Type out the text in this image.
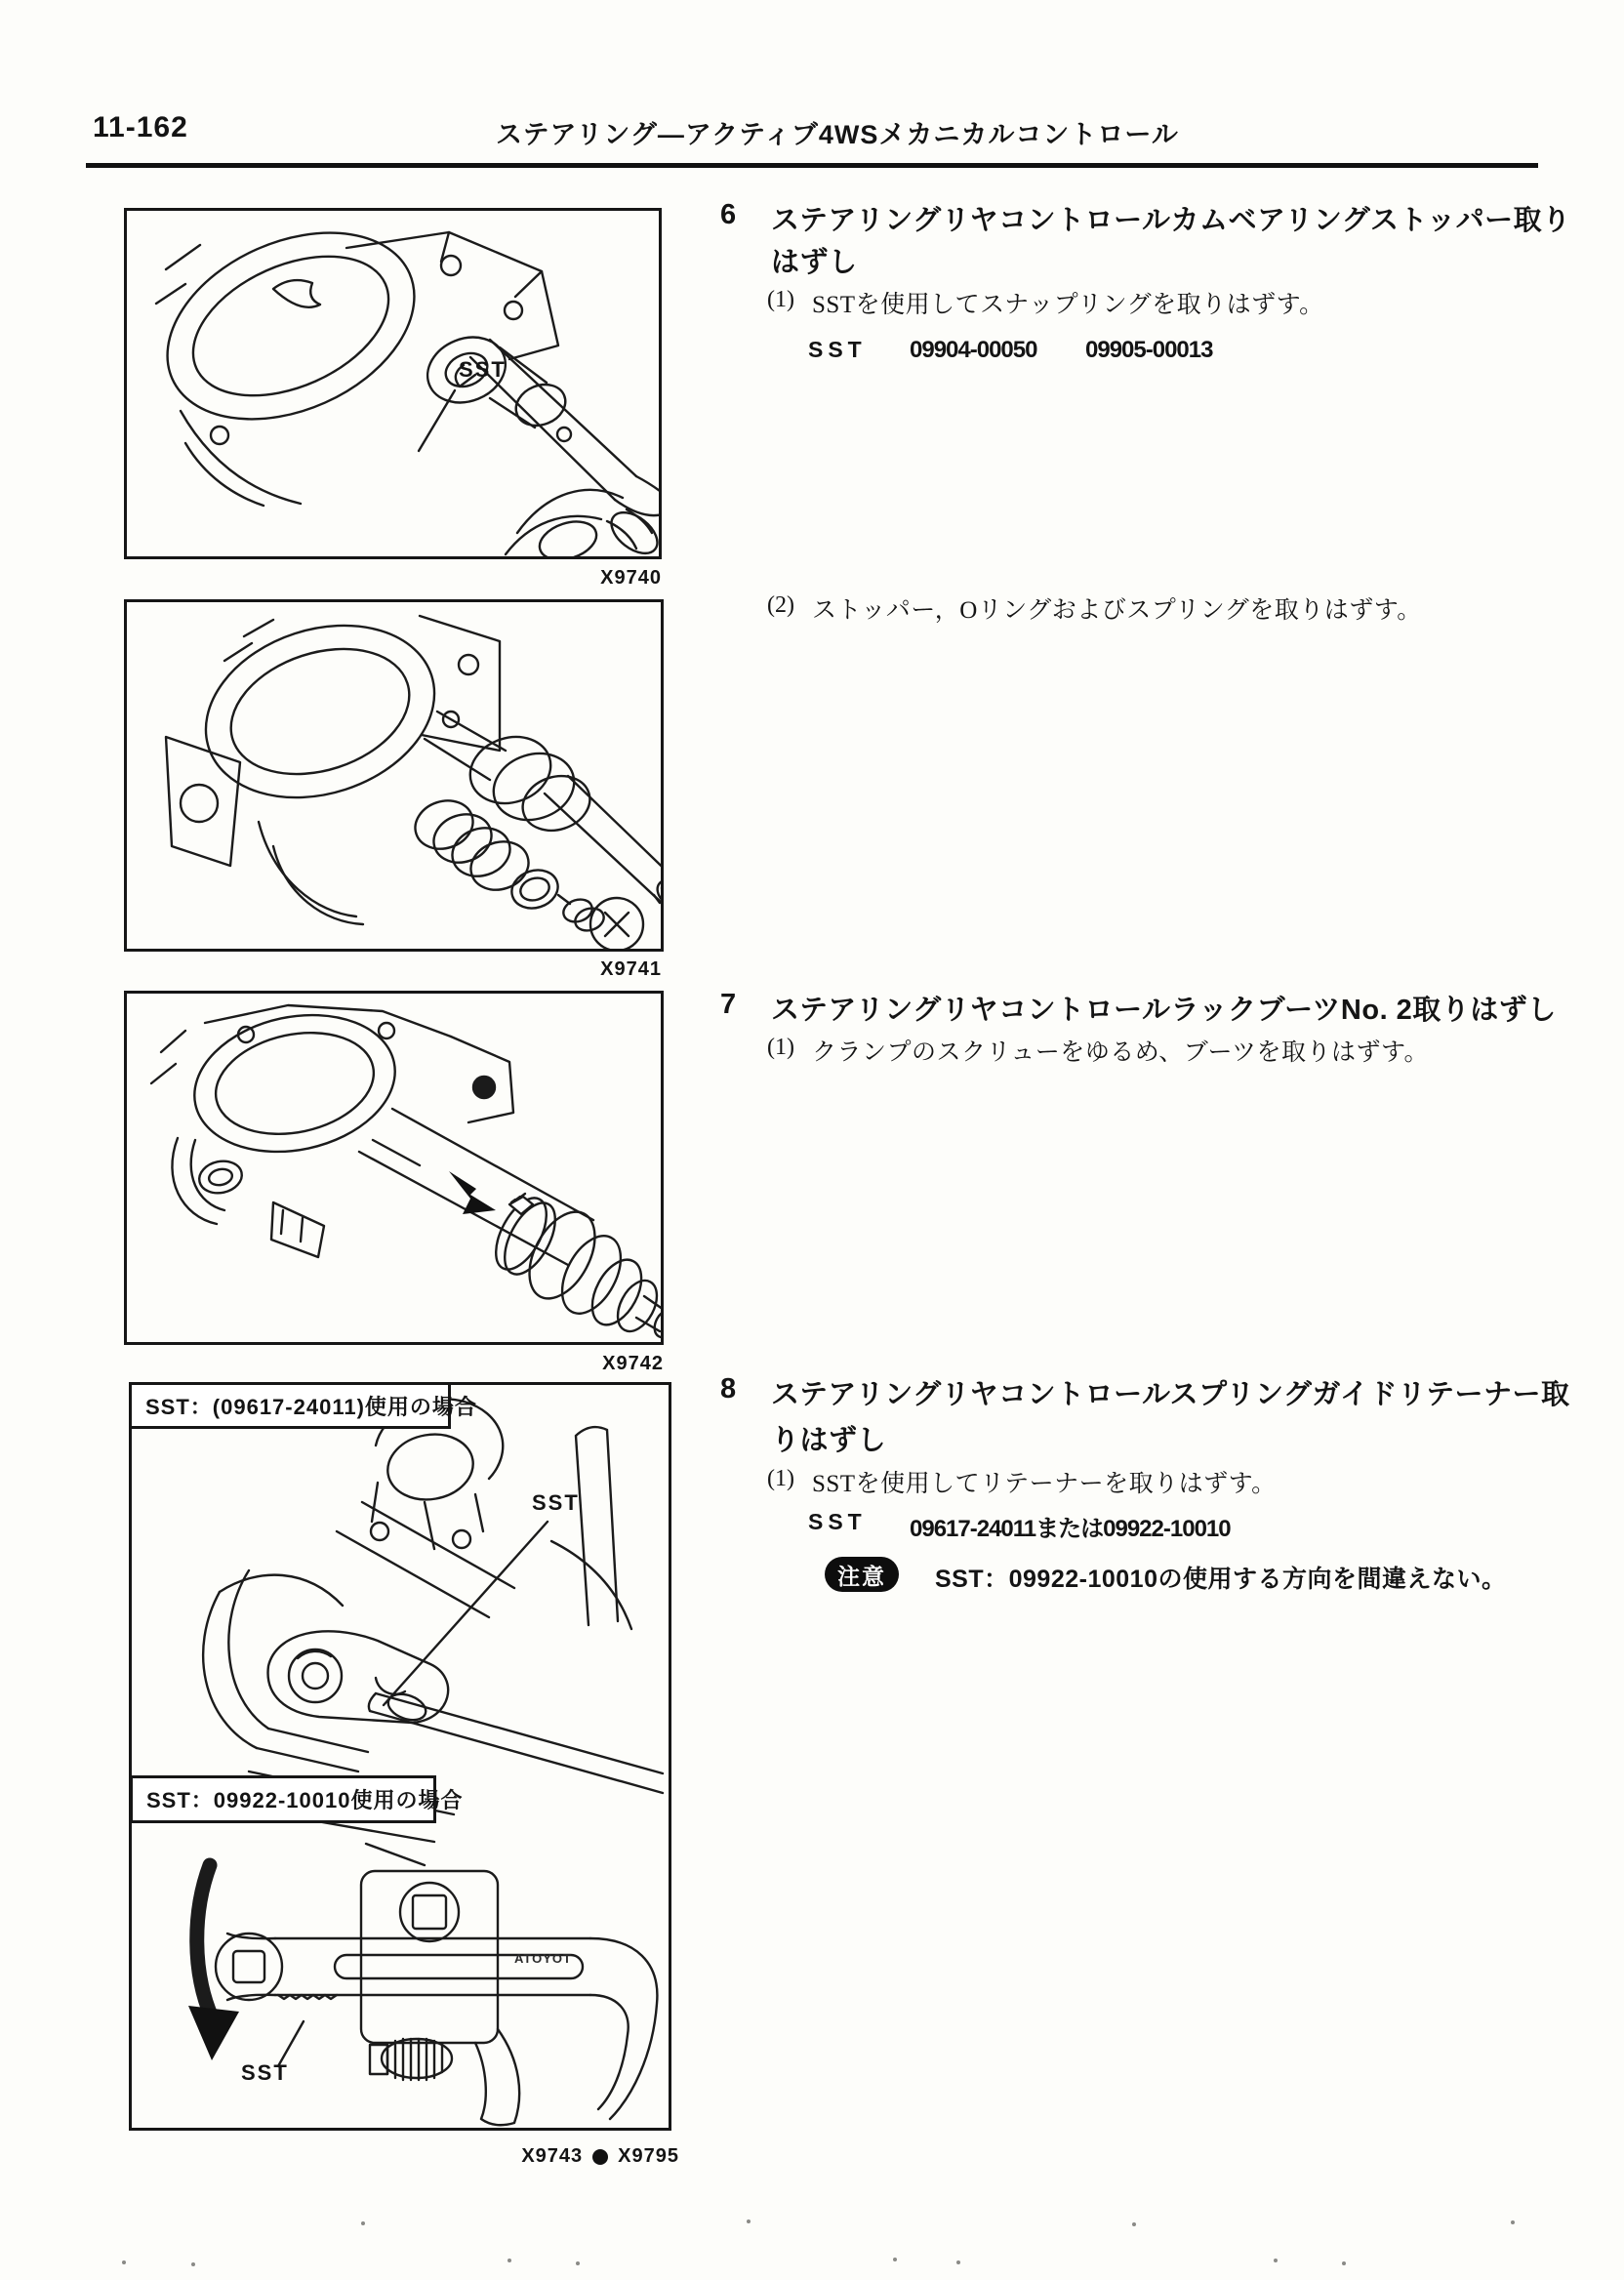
11-162	ステアリング—アクティブ4WSメカニカルコントロール
SST
X9740
X9741
X9742
SST
SST
ATOYOT
SST：(09617-24011)使用の場合
SST：09922-10010使用の場合
X9743 X9795
6 ステアリングリヤコントロールカムベアリングストッパー取り
はずし
(1) SSTを使用してスナップリングを取りはずす。
SST 09904-00050 09905-00013
(2) ストッパー，Oリングおよびスプリングを取りはずす。
7 ステアリングリヤコントロールラックブーツNo. 2取りはずし
(1) クランプのスクリューをゆるめ、ブーツを取りはずす。
8 ステアリングリヤコントロールスプリングガイドリテーナー取
りはずし
(1) SSTを使用してリテーナーを取りはずす。
SST 09617-24011または09922-10010
注意	SST：09922-10010の使用する方向を間違えない。
